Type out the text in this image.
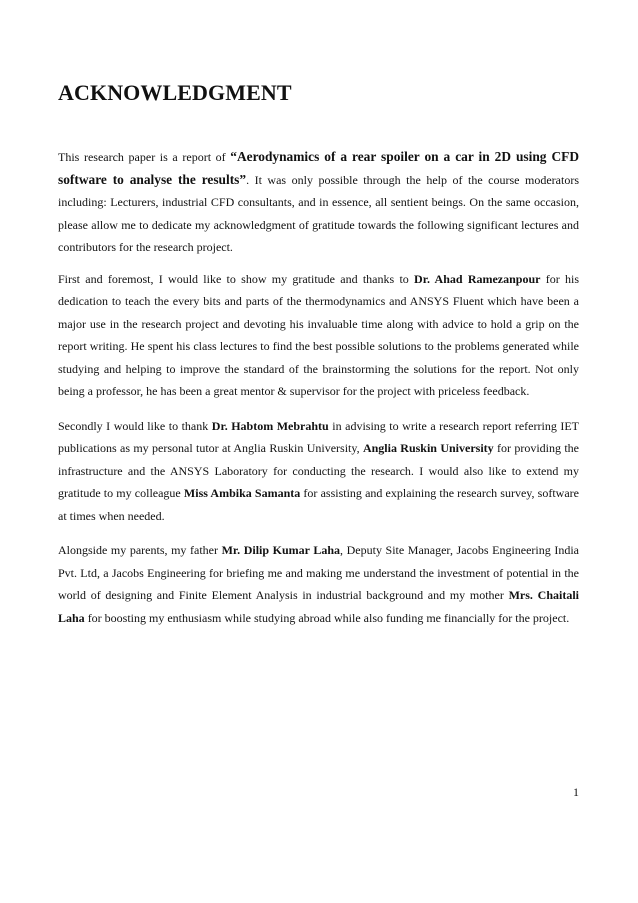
ACKNOWLEDGMENT

This research paper is a report of “Aerodynamics of a rear spoiler on a car in 2D using CFD software to analyse the results”. It was only possible through the help of the course moderators including: Lecturers, industrial CFD consultants, and in essence, all sentient beings. On the same occasion, please allow me to dedicate my acknowledgment of gratitude towards the following significant lectures and contributors for the research project.

First and foremost, I would like to show my gratitude and thanks to Dr. Ahad Ramezanpour for his dedication to teach the every bits and parts of the thermodynamics and ANSYS Fluent which have been a major use in the research project and devoting his invaluable time along with advice to hold a grip on the report writing. He spent his class lectures to find the best possible solutions to the problems generated while studying and helping to improve the standard of the brainstorming the solutions for the report. Not only being a professor, he has been a great mentor & supervisor for the project with priceless feedback.

Secondly I would like to thank Dr. Habtom Mebrahtu in advising to write a research report referring IET publications as my personal tutor at Anglia Ruskin University, Anglia Ruskin University for providing the infrastructure and the ANSYS Laboratory for conducting the research. I would also like to extend my gratitude to my colleague Miss Ambika Samanta for assisting and explaining the research survey, software at times when needed.

Alongside my parents, my father Mr. Dilip Kumar Laha, Deputy Site Manager, Jacobs Engineering India Pvt. Ltd, a Jacobs Engineering for briefing me and making me understand the investment of potential in the world of designing and Finite Element Analysis in industrial background and my mother Mrs. Chaitali Laha for boosting my enthusiasm while studying abroad while also funding me financially for the project.

1
